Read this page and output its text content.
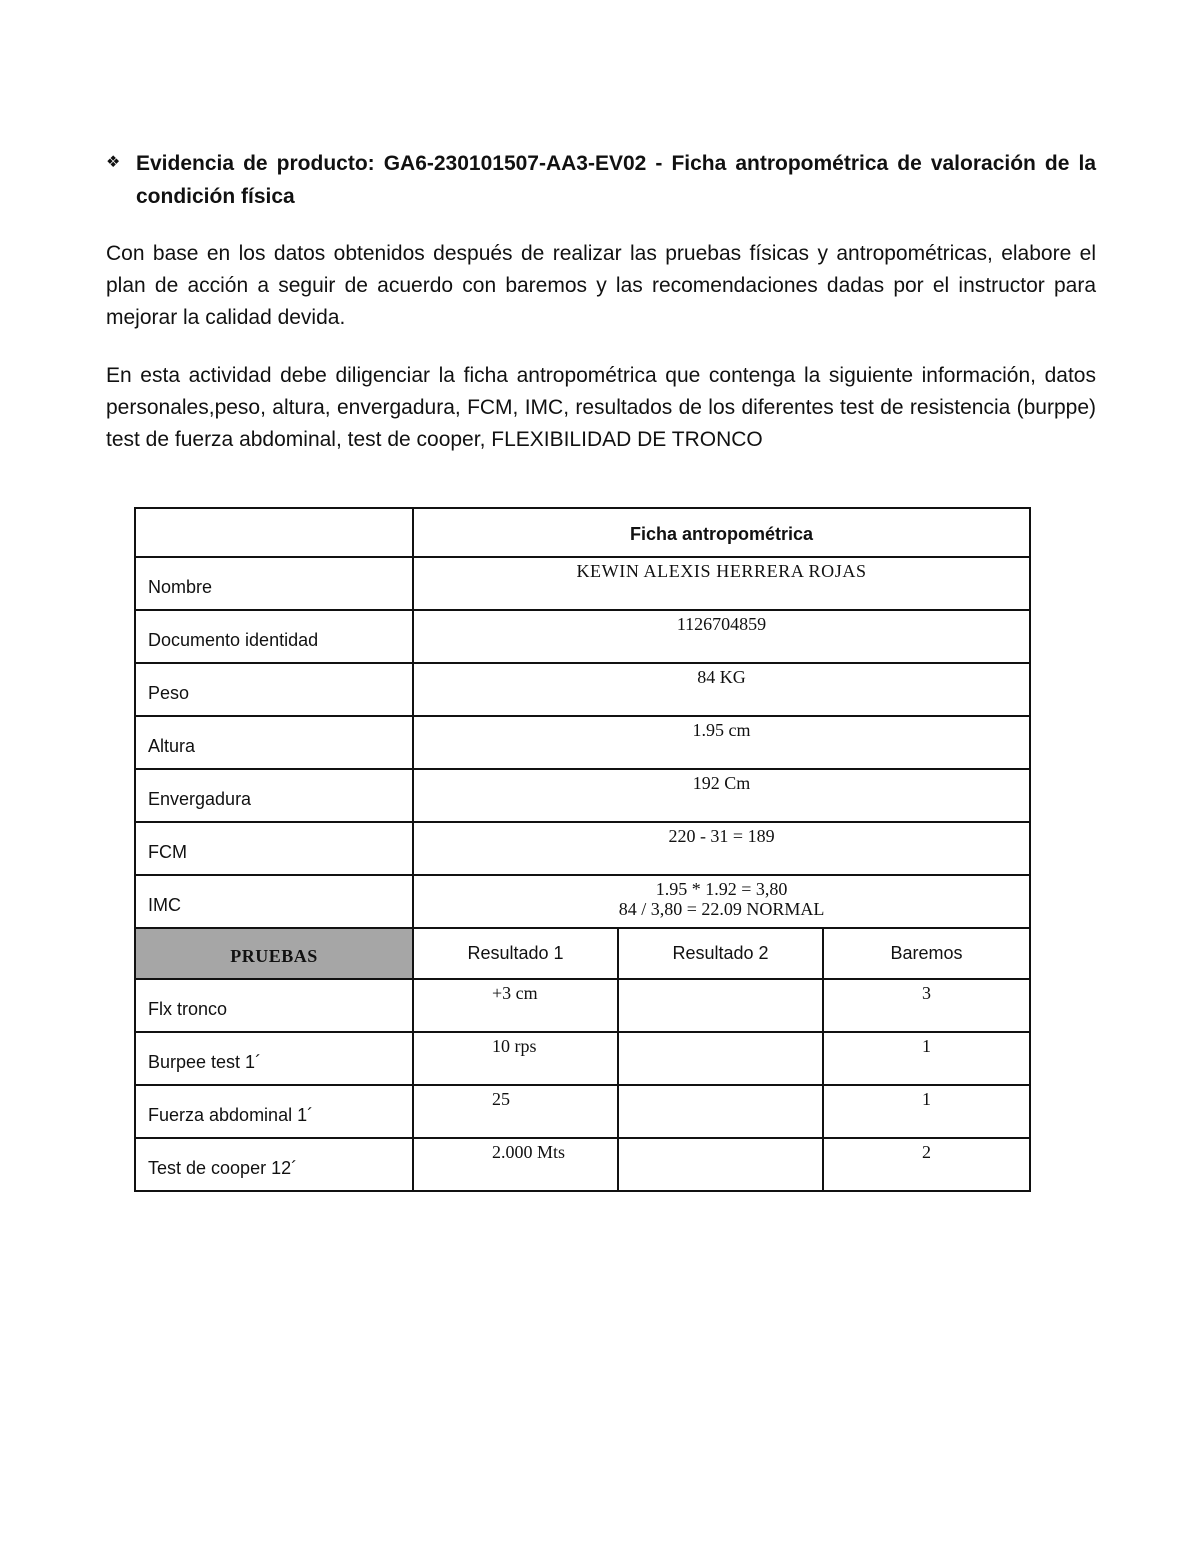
❖ Evidencia de producto: GA6-230101507-AA3-EV02 - Ficha antropométrica de valoración de la condición física

Con base en los datos obtenidos después de realizar las pruebas físicas y antropométricas, elabore el plan de acción a seguir de acuerdo con baremos y las recomendaciones dadas por el instructor para mejorar la calidad devida.

En esta actividad debe diligenciar la ficha antropométrica que contenga la siguiente información, datos personales,peso, altura, envergadura, FCM, IMC, resultados de los diferentes test de resistencia (burppe) test de fuerza abdominal, test de cooper, FLEXIBILIDAD DE TRONCO

	Ficha antropométrica		
Nombre	KEWIN ALEXIS HERRERA ROJAS		
Documento identidad	1126704859		
Peso	84 KG		
Altura	1.95 cm		
Envergadura	192 Cm		
FCM	220 - 31 = 189		
IMC	1.95 * 1.92 = 3,80
84 / 3,80 = 22.09 NORMAL		

PRUEBAS	Resultado 1	Resultado 2	Baremos
Flx tronco	+3 cm		3
Burpee test 1´	10 rps		1
Fuerza abdominal 1´	25		1
Test de cooper 12´	2.000 Mts		2
